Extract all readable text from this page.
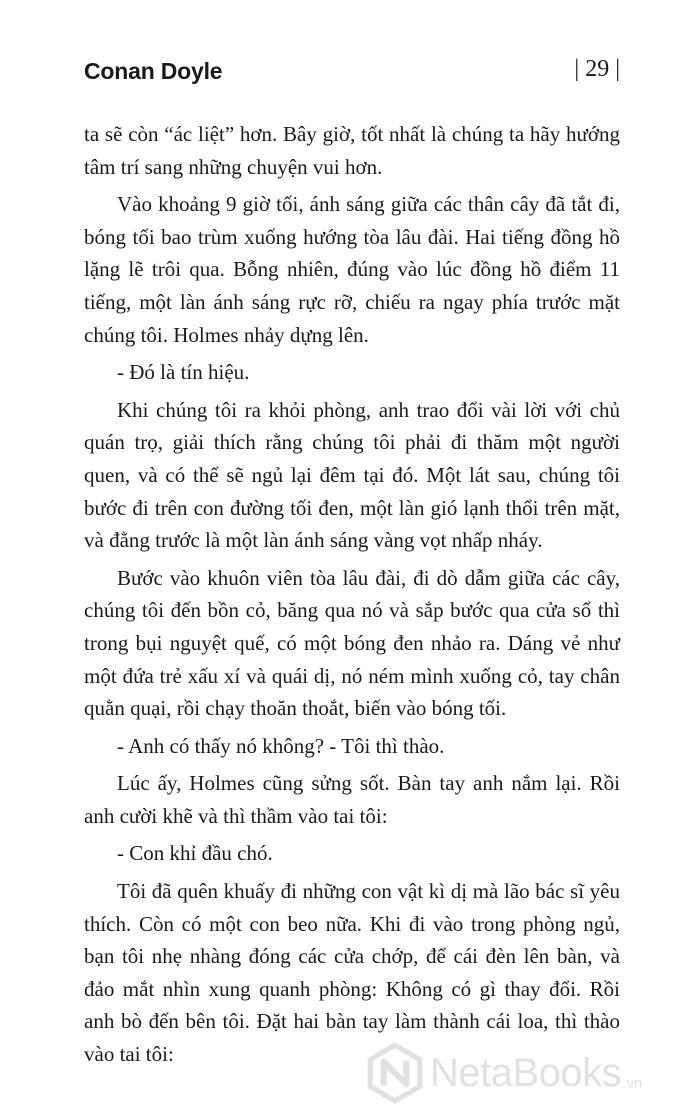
Conan Doyle	| 29 |

ta sẽ còn “ác liệt” hơn. Bây giờ, tốt nhất là chúng ta hãy hướng tâm trí sang những chuyện vui hơn.

Vào khoảng 9 giờ tối, ánh sáng giữa các thân cây đã tắt đi, bóng tối bao trùm xuống hướng tòa lâu đài. Hai tiếng đồng hồ lặng lẽ trôi qua. Bỗng nhiên, đúng vào lúc đồng hồ điểm 11 tiếng, một làn ánh sáng rực rỡ, chiếu ra ngay phía trước mặt chúng tôi. Holmes nhảy dựng lên.

- Đó là tín hiệu.

Khi chúng tôi ra khỏi phòng, anh trao đổi vài lời với chủ quán trọ, giải thích rằng chúng tôi phải đi thăm một người quen, và có thể sẽ ngủ lại đêm tại đó. Một lát sau, chúng tôi bước đi trên con đường tối đen, một làn gió lạnh thổi trên mặt, và đằng trước là một làn ánh sáng vàng vọt nhấp nháy.

Bước vào khuôn viên tòa lâu đài, đi dò dẫm giữa các cây, chúng tôi đến bồn cỏ, băng qua nó và sắp bước qua cửa sổ thì trong bụi nguyệt quế, có một bóng đen nhảo ra. Dáng vẻ như một đứa trẻ xấu xí và quái dị, nó ném mình xuống cỏ, tay chân quằn quại, rồi chạy thoăn thoắt, biến vào bóng tối.

- Anh có thấy nó không? - Tôi thì thào.

Lúc ấy, Holmes cũng sửng sốt. Bàn tay anh nắm lại. Rồi anh cười khẽ và thì thầm vào tai tôi:

- Con khỉ đầu chó.

Tôi đã quên khuấy đi những con vật kì dị mà lão bác sĩ yêu thích. Còn có một con beo nữa. Khi đi vào trong phòng ngủ, bạn tôi nhẹ nhàng đóng các cửa chớp, để cái đèn lên bàn, và đảo mắt nhìn xung quanh phòng: Không có gì thay đổi. Rồi anh bò đến bên tôi. Đặt hai bàn tay làm thành cái loa, thì thào vào tai tôi:	NetaBooks .vn
